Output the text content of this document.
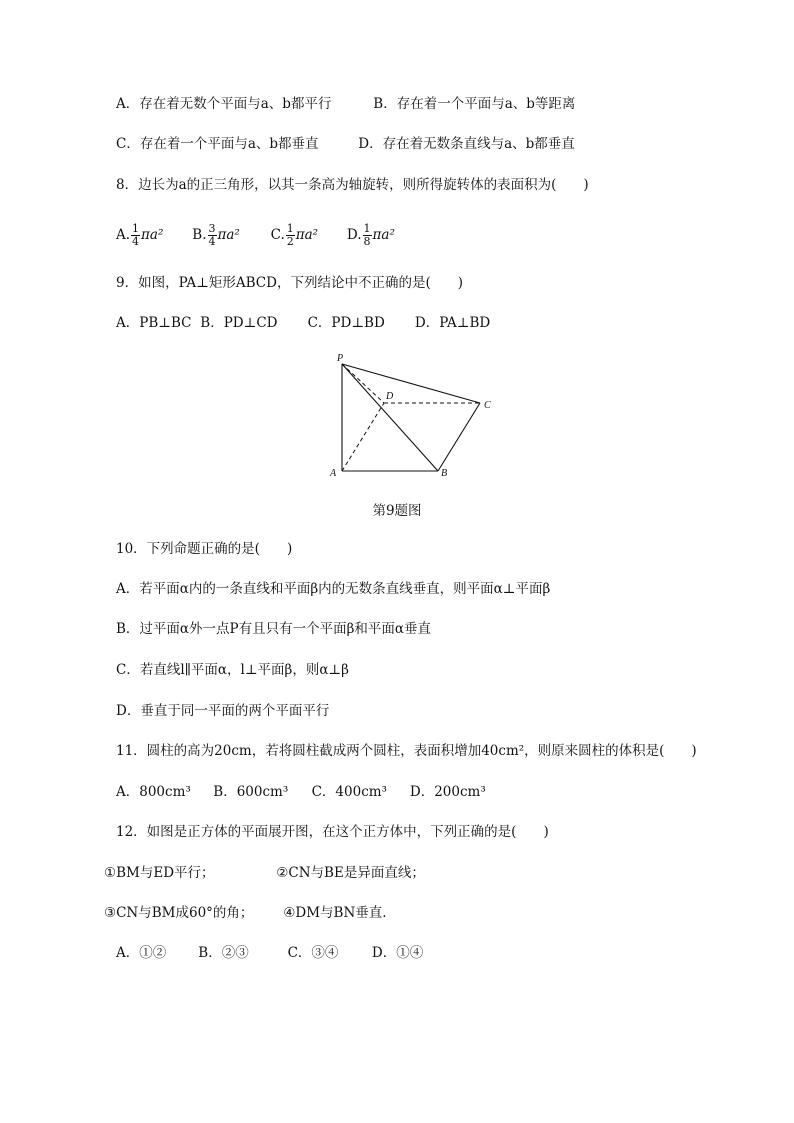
A．存在着无数个平面与a、b都平行	B．存在着一个平面与a、b等距离
C．存在着一个平面与a、b都垂直	D．存在着无数条直线与a、b都垂直
8．边长为a的正三角形，以其一条高为轴旋转，则所得旋转体的表面积为(　　)
A. $\frac{1}{4} \pi a^2$ B. $\frac{3}{4} \pi a^2$ C. $\frac{1}{2} \pi a^2$ D. $\frac{1}{8} \pi a^2$
9．如图，PA⊥矩形ABCD，下列结论中不正确的是(　　)
A．PB⊥BC B．PD⊥CD C．PD⊥BD D．PA⊥BD
P
D
C
A	B
第9题图
10．下列命题正确的是(　　)
A．若平面α内的一条直线和平面β内的无数条直线垂直，则平面α⊥平面β
B．过平面α外一点P有且只有一个平面β和平面α垂直
C．若直线l∥平面α，l⊥平面β，则α⊥β
D．垂直于同一平面的两个平面平行
11．圆柱的高为20cm，若将圆柱截成两个圆柱，表面积增加40cm²，则原来圆柱的体积是(　　)
A．800cm³ B．600cm³ C．400cm³ D．200cm³
12．如图是正方体的平面展开图，在这个正方体中，下列正确的是(　　)
①BM与ED平行；	②CN与BE是异面直线；
③CN与BM成60°的角； ④DM与BN垂直.
A．①② B．②③	C．③④ D．①④
